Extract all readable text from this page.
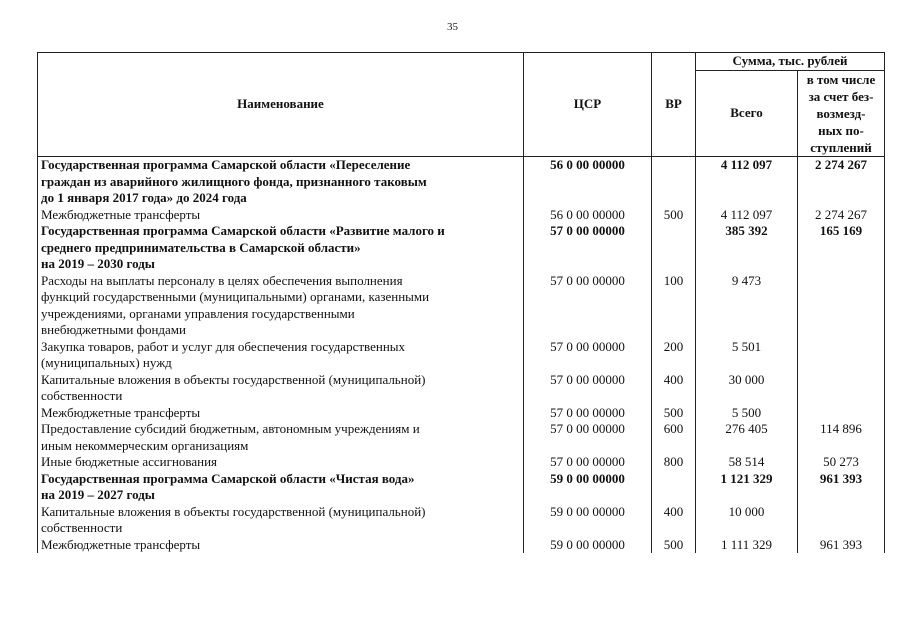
35
Наименование	ЦСР	ВР	Сумма, тыс. рублей	
			Всего	в том числе
за счет без-
возмезд-
ных по-
ступлений

Государственная программа Самарской области «Переселение
граждан из аварийного жилищного фонда, признанного таковым
до 1 января 2017 года» до 2024 года	56 0 00 00000		4 112 097	2 274 267

Межбюджетные трансферты	56 0 00 00000	500	4 112 097	2 274 267

Государственная программа Самарской области «Развитие малого и
среднего предпринимательства в Самарской области»
на 2019 – 2030 годы	57 0 00 00000		385 392	165 169

Расходы на выплаты персоналу в целях обеспечения выполнения
функций государственными (муниципальными) органами, казенными
учреждениями, органами управления государственными
внебюджетными фондами	57 0 00 00000	100	9 473	

Закупка товаров, работ и услуг для обеспечения государственных
(муниципальных) нужд	57 0 00 00000	200	5 501	

Капитальные вложения в объекты государственной (муниципальной)
собственности	57 0 00 00000	400	30 000	

Межбюджетные трансферты	57 0 00 00000	500	5 500	

Предоставление субсидий бюджетным, автономным учреждениям и
иным некоммерческим организациям	57 0 00 00000	600	276 405	114 896

Иные бюджетные ассигнования	57 0 00 00000	800	58 514	50 273

Государственная программа Самарской области «Чистая вода»
на 2019 – 2027 годы	59 0 00 00000		1 121 329	961 393

Капитальные вложения в объекты государственной (муниципальной)
собственности	59 0 00 00000	400	10 000	

Межбюджетные трансферты	59 0 00 00000	500	1 111 329	961 393
